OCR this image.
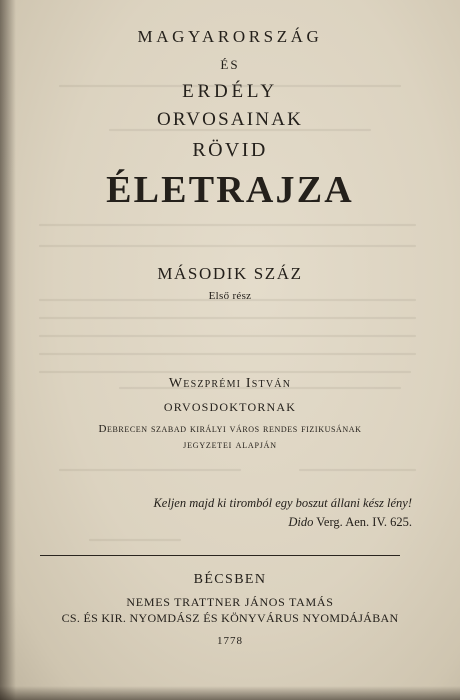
MAGYARORSZÁG
ÉS
ERDÉLY
ORVOSAINAK
RÖVID
ÉLETRAJZA
MÁSODIK SZÁZ
Első rész
Weszprémi István
ORVOSDOKTORNAK
Debrecen szabad királyi város rendes fizikusának
jegyzetei alapján
Keljen majd ki tiromból egy boszut állani kész lény!
Dido Verg. Aen. IV. 625.
BÉCSBEN
NEMES TRATTNER JÁNOS TAMÁS
CS. ÉS KIR. NYOMDÁSZ ÉS KÖNYVÁRUS NYOMDÁJÁBAN
1778
